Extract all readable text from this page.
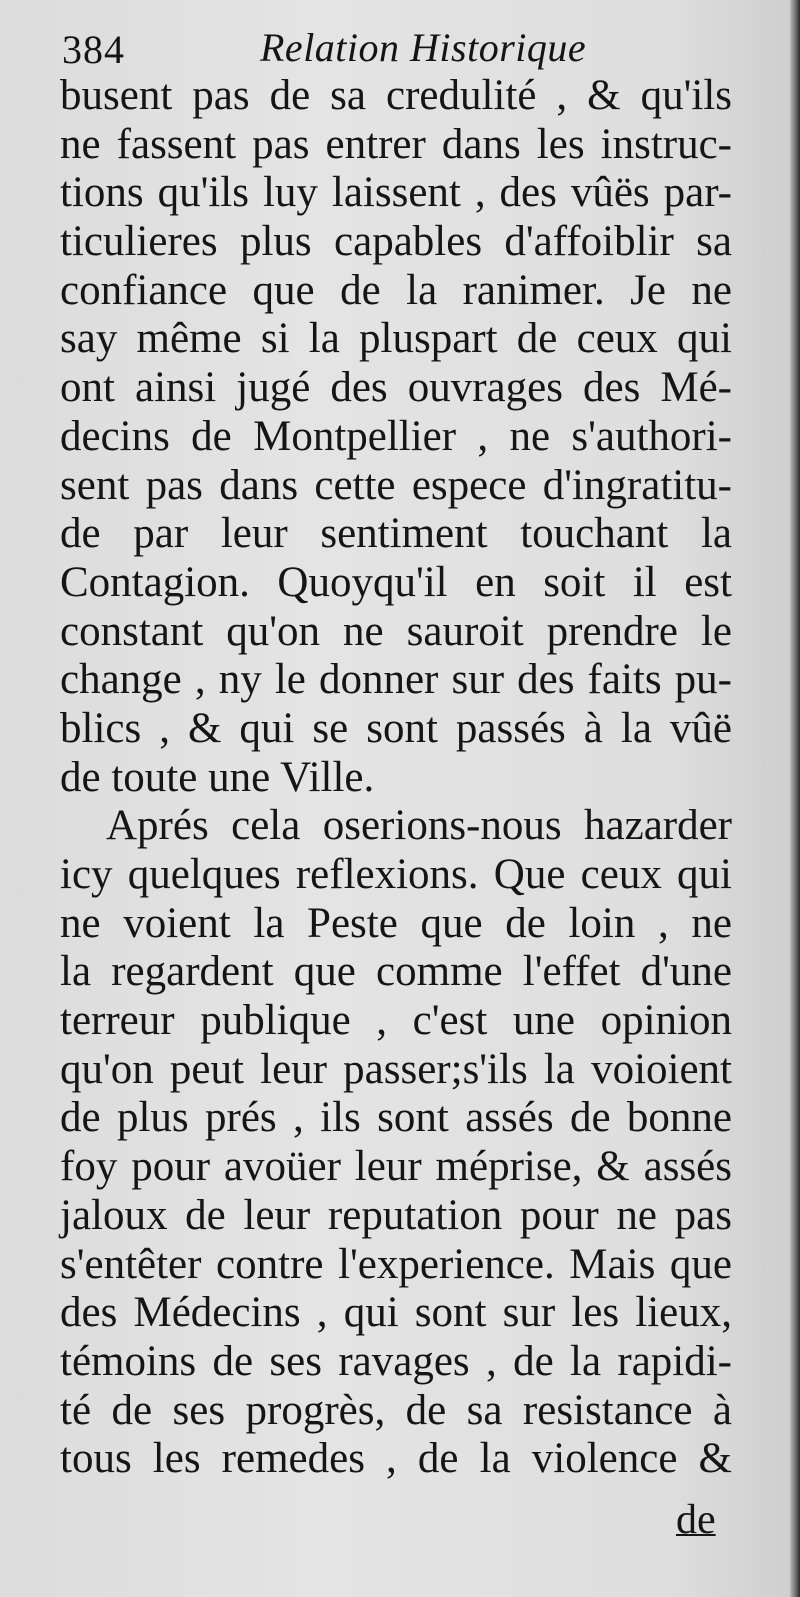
384	Relation Historique
busent pas de sa credulité , & qu'ils
ne fassent pas entrer dans les instruc-
tions qu'ils luy laissent , des vûës par-
ticulieres plus capables d'affoiblir sa
confiance que de la ranimer. Je ne
say même si la pluspart de ceux qui
ont ainsi jugé des ouvrages des Mé-
decins de Montpellier , ne s'authori-
sent pas dans cette espece d'ingratitu-
de par leur sentiment touchant la
Contagion. Quoyqu'il en soit il est
constant qu'on ne sauroit prendre le
change , ny le donner sur des faits pu-
blics , & qui se sont passés à la vûë
de toute une Ville.
Aprés cela oserions-nous hazarder
icy quelques reflexions. Que ceux qui
ne voient la Peste que de loin , ne
la regardent que comme l'effet d'une
terreur publique , c'est une opinion
qu'on peut leur passer;s'ils la voioient
de plus prés , ils sont assés de bonne
foy pour avoüer leur méprise, & assés
jaloux de leur reputation pour ne pas
s'entêter contre l'experience. Mais que
des Médecins , qui sont sur les lieux,
témoins de ses ravages , de la rapidi-
té de ses progrès, de sa resistance à
tous les remedes , de la violence &
de
